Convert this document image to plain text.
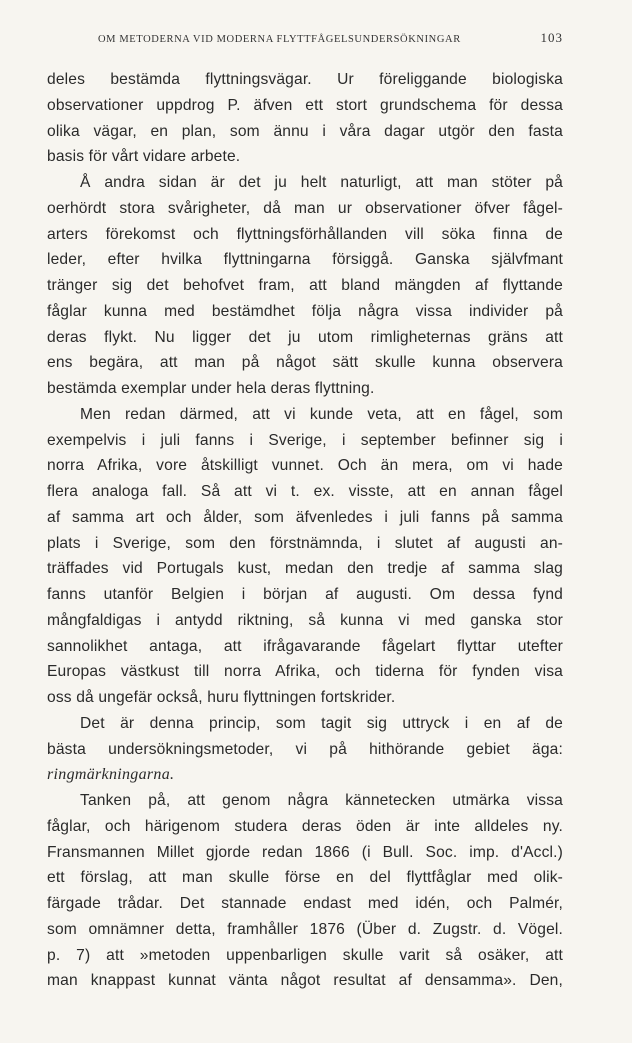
OM METODERNA VID MODERNA FLYTTFÅGELSUNDERSÖKNINGAR	103
deles bestämda flyttningsvägar. Ur föreliggande biologiska
observationer uppdrog P. äfven ett stort grundschema för dessa
olika vägar, en plan, som ännu i våra dagar utgör den fasta
basis för vårt vidare arbete.
Å andra sidan är det ju helt naturligt, att man stöter på
oerhördt stora svårigheter, då man ur observationer öfver fågel-
arters förekomst och flyttningsförhållanden vill söka finna de
leder, efter hvilka flyttningarna försiggå. Ganska självfmant
tränger sig det behofvet fram, att bland mängden af flyttande
fåglar kunna med bestämdhet följa några vissa individer på
deras flykt. Nu ligger det ju utom rimligheternas gräns att
ens begära, att man på något sätt skulle kunna observera
bestämda exemplar under hela deras flyttning.
Men redan därmed, att vi kunde veta, att en fågel, som
exempelvis i juli fanns i Sverige, i september befinner sig i
norra Afrika, vore åtskilligt vunnet. Och än mera, om vi hade
flera analoga fall. Så att vi t. ex. visste, att en annan fågel
af samma art och ålder, som äfvenledes i juli fanns på samma
plats i Sverige, som den förstnämnda, i slutet af augusti an-
träffades vid Portugals kust, medan den tredje af samma slag
fanns utanför Belgien i början af augusti. Om dessa fynd
mångfaldigas i antydd riktning, så kunna vi med ganska stor
sannolikhet antaga, att ifrågavarande fågelart flyttar utefter
Europas västkust till norra Afrika, och tiderna för fynden visa
oss då ungefär också, huru flyttningen fortskrider.
Det är denna princip, som tagit sig uttryck i en af de
bästa undersökningsmetoder, vi på hithörande gebiet äga:
ringmärkningarna.
Tanken på, att genom några kännetecken utmärka vissa
fåglar, och härigenom studera deras öden är inte alldeles ny.
Fransmannen Millet gjorde redan 1866 (i Bull. Soc. imp. d'Accl.)
ett förslag, att man skulle förse en del flyttfåglar med olik-
färgade trådar. Det stannade endast med idén, och Palmér,
som omnämner detta, framhåller 1876 (Über d. Zugstr. d. Vögel.
p. 7) att »metoden uppenbarligen skulle varit så osäker, att
man knappast kunnat vänta något resultat af densamma». Den,
